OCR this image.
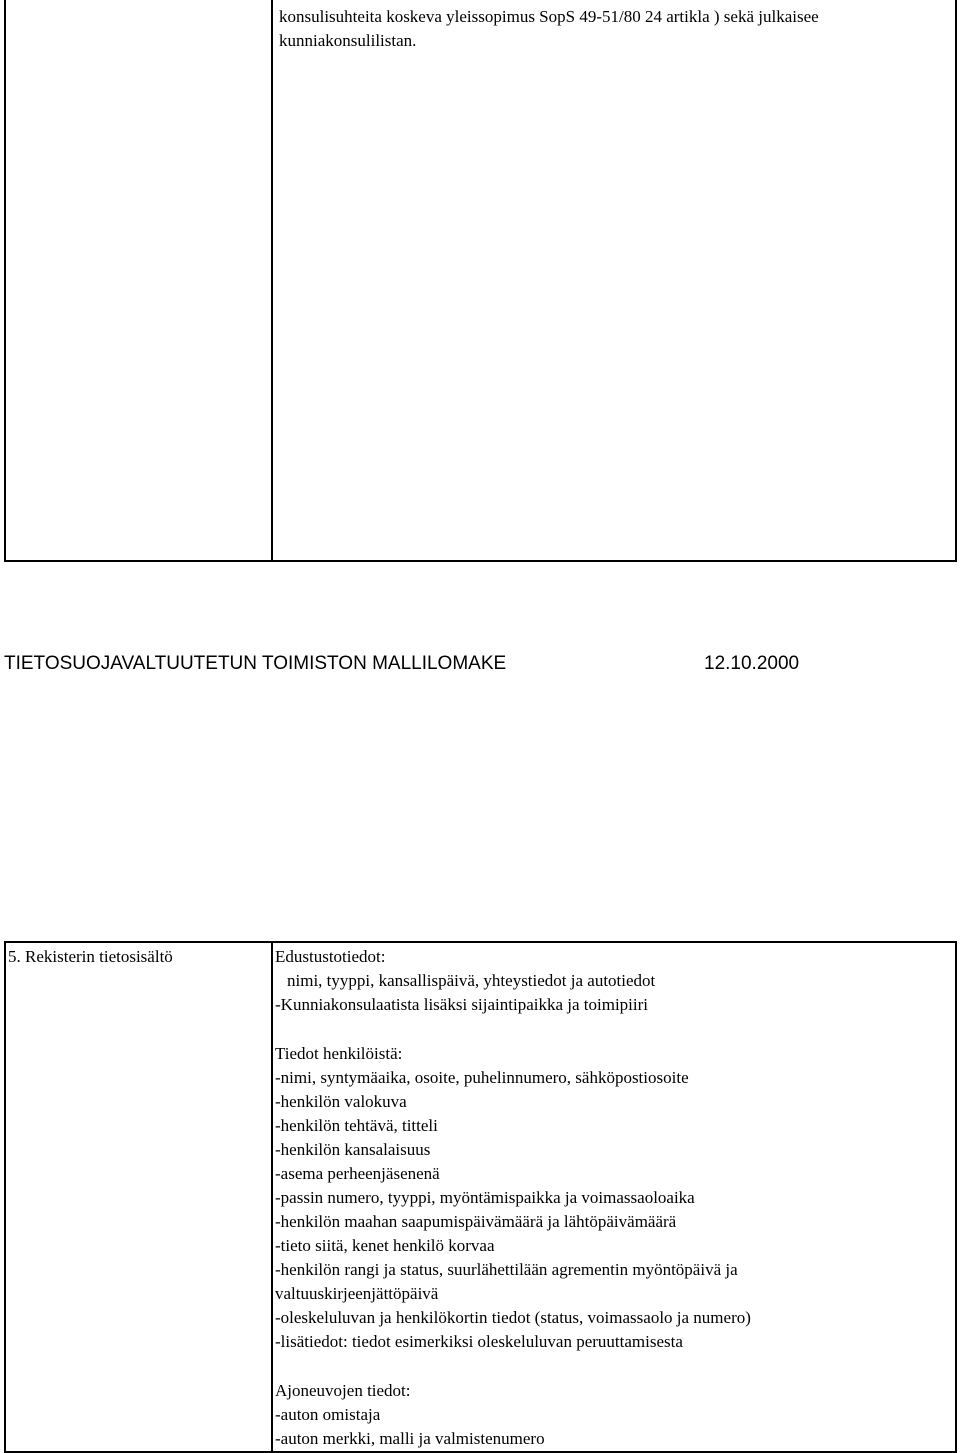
konsulisuhteita koskeva yleissopimus SopS 49-51/80 24 artikla ) sekä julkaisee
kunniakonsulilistan.
TIETOSUOJAVALTUUTETUN TOIMISTON MALLILOMAKE	12.10.2000
5. Rekisterin tietosisältö	Edustustotiedot:
nimi, tyyppi, kansallispäivä, yhteystiedot ja autotiedot
-Kunniakonsulaatista lisäksi sijaintipaikka ja toimipiiri
Tiedot henkilöistä:
-nimi, syntymäaika, osoite, puhelinnumero, sähköpostiosoite
-henkilön valokuva
-henkilön tehtävä, titteli
-henkilön kansalaisuus
-asema perheenjäsenenä
-passin numero, tyyppi, myöntämispaikka ja voimassaoloaika
-henkilön maahan saapumispäivämäärä ja lähtöpäivämäärä
-tieto siitä, kenet henkilö korvaa
-henkilön rangi ja status, suurlähettilään agrementin myöntöpäivä ja
valtuuskirjeenjättöpäivä
-oleskeluluvan ja henkilökortin tiedot (status, voimassaolo ja numero)
-lisätiedot: tiedot esimerkiksi oleskeluluvan peruuttamisesta
Ajoneuvojen tiedot:
-auton omistaja
-auton merkki, malli ja valmistenumero
